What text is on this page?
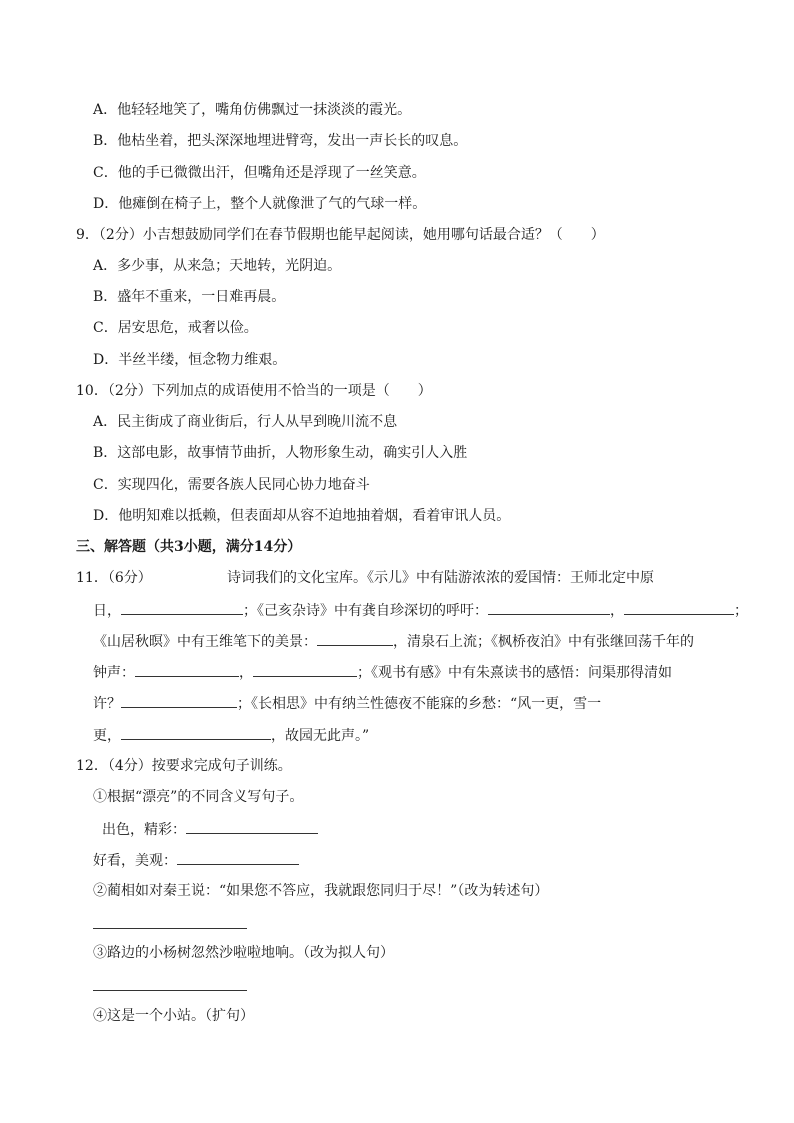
A．他轻轻地笑了，嘴角仿佛飘过一抹淡淡的霞光。
B．他枯坐着，把头深深地埋进臂弯，发出一声长长的叹息。
C．他的手已微微出汗，但嘴角还是浮现了一丝笑意。
D．他瘫倒在椅子上，整个人就像泄了气的气球一样。
9．（2分）小吉想鼓励同学们在春节假期也能早起阅读，她用哪句话最合适？（　　）
A．多少事，从来急；天地转，光阴迫。
B．盛年不重来，一日难再晨。
C．居安思危，戒奢以俭。
D．半丝半缕，恒念物力维艰。
10．（2分）下列加点的成语使用不恰当的一项是（　　）
A．民主街成了商业街后，行人从早到晚川流不息
B．这部电影，故事情节曲折，人物形象生动，确实引人入胜
C．实现四化，需要各族人民同心协力地奋斗
D．他明知难以抵赖，但表面却从容不迫地抽着烟，看着审讯人员。
三、解答题（共3小题，满分14分）
11．（6分）	诗词我们的文化宝库。《示儿》中有陆游浓浓的爱国情：王师北定中原
日，	；《己亥杂诗》中有龚自珍深切的呼吁：	，	；
《山居秋暝》中有王维笔下的美景：	，清泉石上流；《枫桥夜泊》中有张继回荡千年的
钟声：	，	；《观书有感》中有朱熹读书的感悟：问渠那得清如
许？	；《长相思》中有纳兰性德夜不能寐的乡愁：“风一更，雪一
更，	，故园无此声。”
12．（4分）按要求完成句子训练。
①根据“漂亮”的不同含义写句子。
出色，精彩：
好看，美观：
②蔺相如对秦王说：“如果您不答应，我就跟您同归于尽！”（改为转述句）
③路边的小杨树忽然沙啦啦地响。（改为拟人句）
④这是一个小站。（扩句）
